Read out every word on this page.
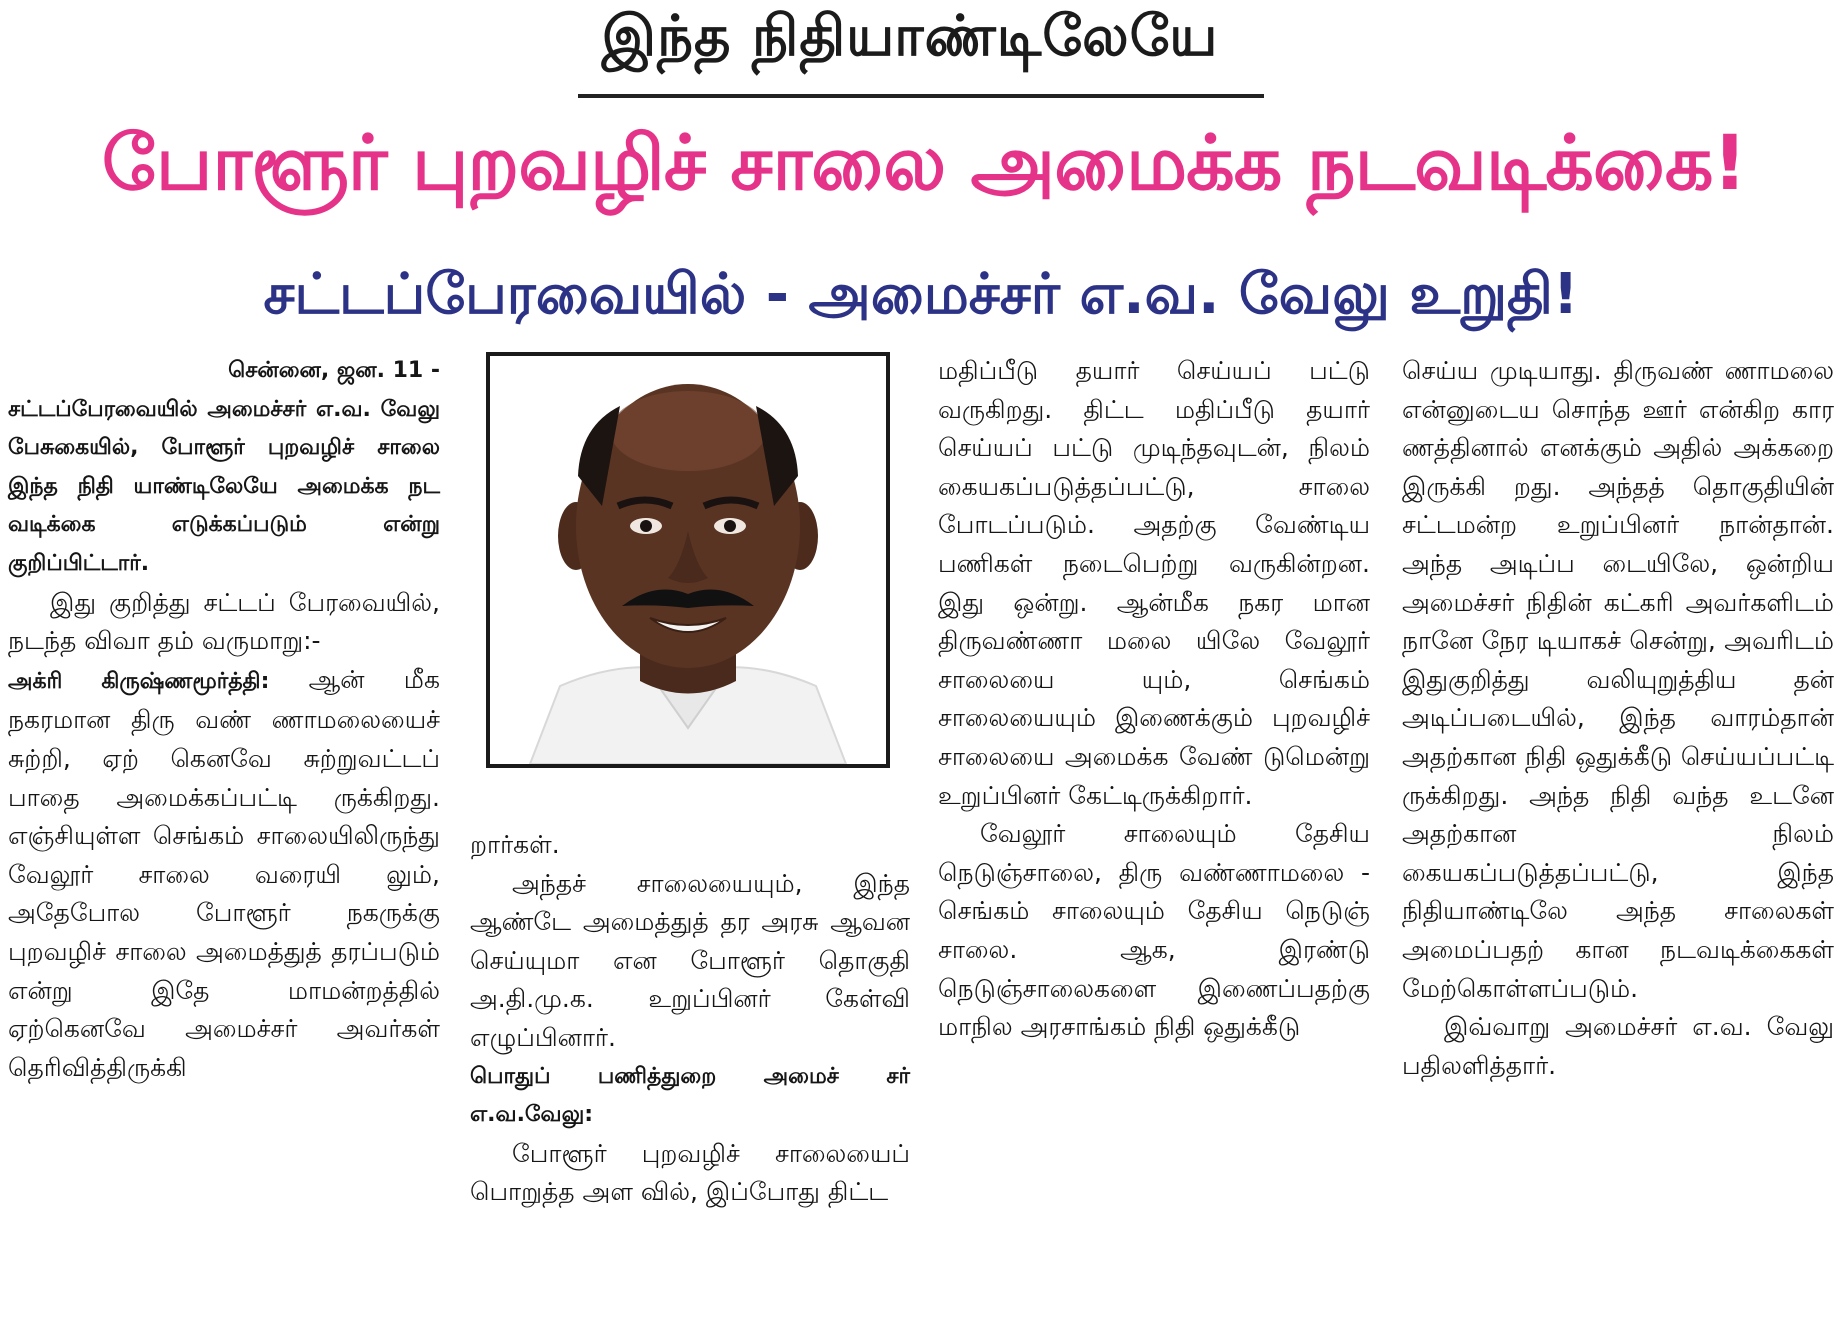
இந்த நிதியாண்டிலேயே
போளூர் புறவழிச் சாலை அமைக்க நடவடிக்கை!
சட்டப்பேரவையில் - அமைச்சர் எ.வ. வேலு உறுதி!

சென்னை, ஜன. 11 -

சட்டப்பேரவையில் அமைச்சர் எ.வ. வேலு பேசுகையில், போளூர் புறவழிச் சாலை இந்த நிதி யாண்டிலேயே அமைக்க நட வடிக்கை எடுக்கப்படும் என்று குறிப்பிட்டார்.

இது குறித்து சட்டப் பேரவையில், நடந்த விவா தம் வருமாறு:-

அக்ரி கிருஷ்ணமூர்த்தி: ஆன் மீக நகரமான திரு வண் ணாமலையைச் சுற்றி, ஏற் கெனவே சுற்றுவட்டப் பாதை அமைக்கப்பட்டி ருக்கிறது. எஞ்சியுள்ள செங்கம் சாலையிலிருந்து வேலூர் சாலை வரையி லும், அதேபோல போளூர் நகருக்கு புறவழிச் சாலை அமைத்துத் தரப்படும் என்று இதே மாமன்றத்தில் ஏற்கெனவே அமைச்சர் அவர்கள் தெரிவித்திருக்கி

றார்கள்.

அந்தச் சாலையையும், இந்த ஆண்டே அமைத்துத் தர அரசு ஆவன செய்யுமா என போளூர் தொகுதி அ.தி.மு.க. உறுப்பினர் கேள்வி எழுப்பினார்.

பொதுப் பணித்துறை அமைச் சர் எ.வ.வேலு:

போளூர் புறவழிச் சாலையைப் பொறுத்த அள வில், இப்போது திட்ட

மதிப்பீடு தயார் செய்யப் பட்டு வருகிறது. திட்ட மதிப்பீடு தயார் செய்யப் பட்டு முடிந்தவுடன், நிலம் கையகப்படுத்தப்பட்டு, சாலை போடப்படும். அதற்கு வேண்டிய பணிகள் நடைபெற்று வருகின்றன. இது ஒன்று. ஆன்மீக நகர மான திருவண்ணா மலை யிலே வேலூர் சாலையை யும், செங்கம் சாலையையும் இணைக்கும் புறவழிச் சாலையை அமைக்க வேண் டுமென்று உறுப்பினர் கேட்டிருக்கிறார்.

வேலூர் சாலையும் தேசிய நெடுஞ்சாலை, திரு வண்ணாமலை - செங்கம் சாலையும் தேசிய நெடுஞ் சாலை. ஆக, இரண்டு நெடுஞ்சாலைகளை இணைப்பதற்கு மாநில அரசாங்கம் நிதி ஒதுக்கீடு

செய்ய முடியாது. திருவண் ணாமலை என்னுடைய சொந்த ஊர் என்கிற கார ணத்தினால் எனக்கும் அதில் அக்கறை இருக்கி றது. அந்தத் தொகுதியின் சட்டமன்ற உறுப்பினர் நான்தான். அந்த அடிப்ப டையிலே, ஒன்றிய அமைச்சர் நிதின் கட்கரி அவர்களிடம் நானே நேர டியாகச் சென்று, அவரிடம் இதுகுறித்து வலியுறுத்திய தன் அடிப்படையில், இந்த வாரம்தான் அதற்கான நிதி ஒதுக்கீடு செய்யப்பட்டி ருக்கிறது. அந்த நிதி வந்த உடனே அதற்கான நிலம் கையகப்படுத்தப்பட்டு, இந்த நிதியாண்டிலே அந்த சாலைகள் அமைப்பதற் கான நடவடிக்கைகள் மேற்கொள்ளப்படும்.

இவ்வாறு அமைச்சர் எ.வ. வேலு பதிலளித்தார்.
